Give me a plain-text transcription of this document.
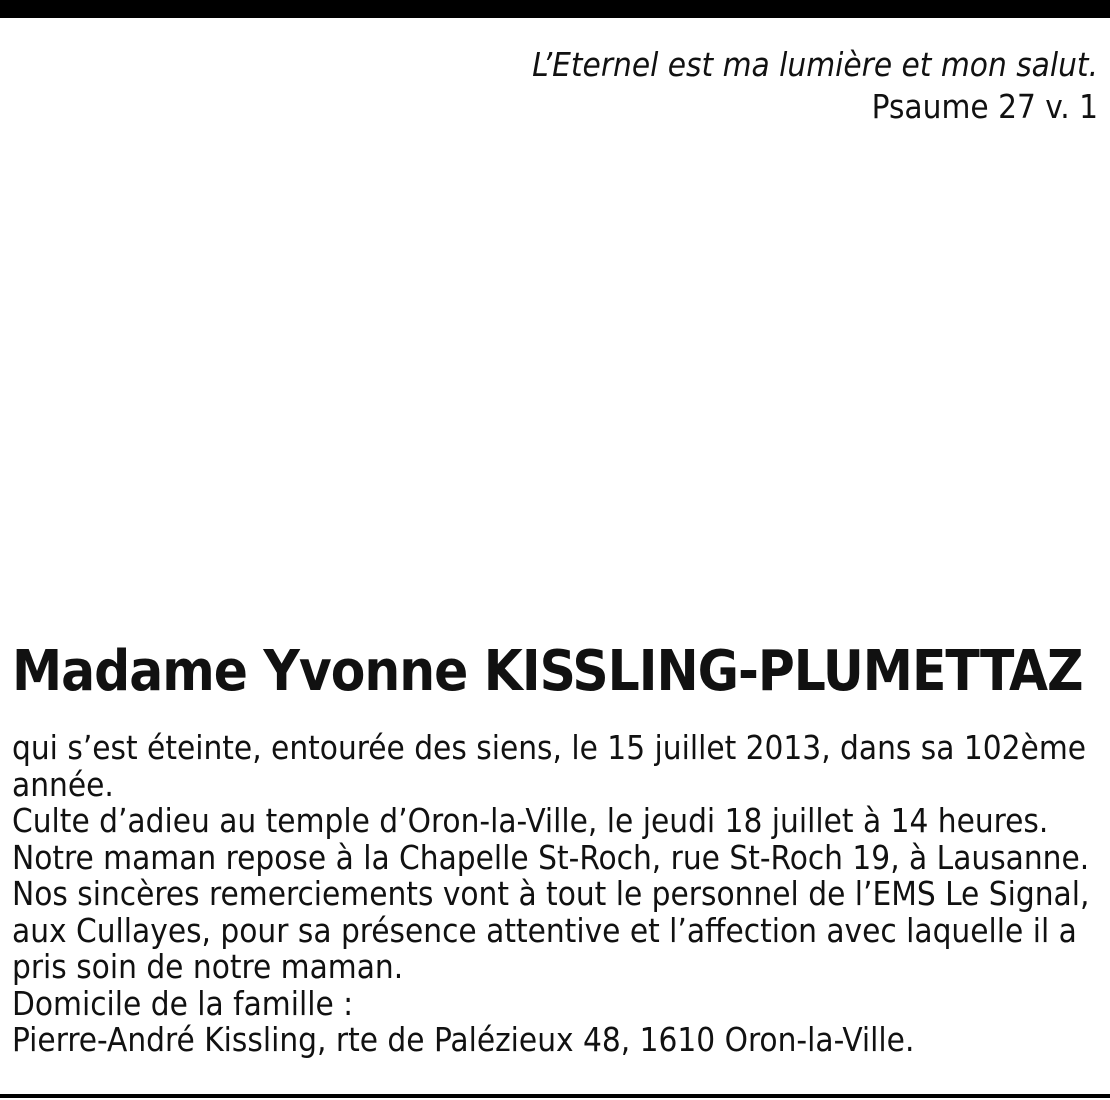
L’Eternel est ma lumière et mon salut.
Psaume 27 v. 1
Madame Yvonne KISSLING-PLUMETTAZ
qui s’est éteinte, entourée des siens, le 15 juillet 2013, dans sa 102ème
année.
Culte d’adieu au temple d’Oron-la-Ville, le jeudi 18 juillet à 14 heures.
Notre maman repose à la Chapelle St-Roch, rue St-Roch 19, à Lausanne.
Nos sincères remerciements vont à tout le personnel de l’EMS Le Signal,
aux Cullayes, pour sa présence attentive et l’affection avec laquelle il a
pris soin de notre maman.
Domicile de la famille :
Pierre-André Kissling, rte de Palézieux 48, 1610 Oron-la-Ville.
